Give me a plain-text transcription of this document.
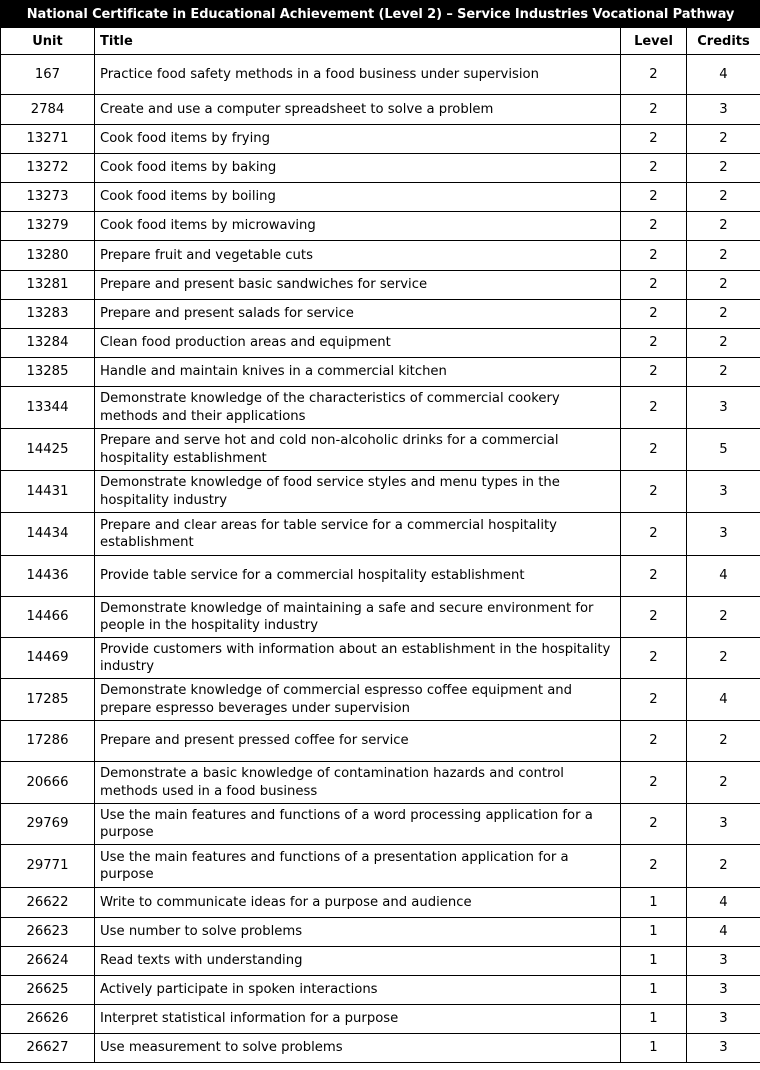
National Certificate in Educational Achievement (Level 2) – Service Industries Vocational Pathway			
Unit	Title	Level	Credits
167	Practice food safety methods in a food business under supervision	2	4
2784	Create and use a computer spreadsheet to solve a problem	2	3
13271	Cook food items by frying	2	2
13272	Cook food items by baking	2	2
13273	Cook food items by boiling	2	2
13279	Cook food items by microwaving	2	2
13280	Prepare fruit and vegetable cuts	2	2
13281	Prepare and present basic sandwiches for service	2	2
13283	Prepare and present salads for service	2	2
13284	Clean food production areas and equipment	2	2
13285	Handle and maintain knives in a commercial kitchen	2	2
13344	Demonstrate knowledge of the characteristics of commercial cookery methods and their applications	2	3
14425	Prepare and serve hot and cold non-alcoholic drinks for a commercial hospitality establishment	2	5
14431	Demonstrate knowledge of food service styles and menu types in the hospitality industry	2	3
14434	Prepare and clear areas for table service for a commercial hospitality establishment	2	3
14436	Provide table service for a commercial hospitality establishment	2	4
14466	Demonstrate knowledge of maintaining a safe and secure environment for people in the hospitality industry	2	2
14469	Provide customers with information about an establishment in the hospitality industry	2	2
17285	Demonstrate knowledge of commercial espresso coffee equipment and prepare espresso beverages under supervision	2	4
17286	Prepare and present pressed coffee for service	2	2
20666	Demonstrate a basic knowledge of contamination hazards and control methods used in a food business	2	2
29769	Use the main features and functions of a word processing application for a purpose	2	3
29771	Use the main features and functions of a presentation application for a purpose	2	2
26622	Write to communicate ideas for a purpose and audience	1	4
26623	Use number to solve problems	1	4
26624	Read texts with understanding	1	3
26625	Actively participate in spoken interactions	1	3
26626	Interpret statistical information for a purpose	1	3
26627	Use measurement to solve problems	1	3
